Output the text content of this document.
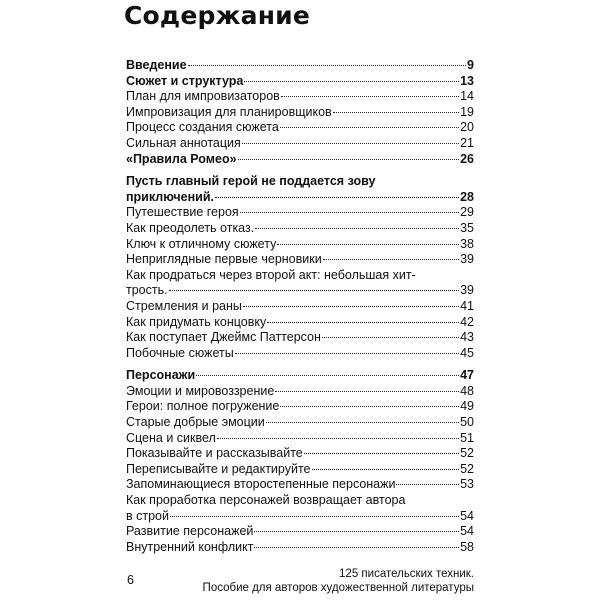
Содержание
Введение	9
Сюжет и структура	13
План для импровизаторов	14
Импровизация для планировщиков	19
Процесс создания сюжета	20
Сильная аннотация	21
«Правила Ромео»	26
Пусть главный герой не поддается зову
приключений.	28
Путешествие героя	29
Как преодолеть отказ.	35
Ключ к отличному сюжету	38
Неприглядные первые черновики	39
Как продраться через второй акт: небольшая хит-
трость.	39
Стремления и раны	41
Как придумать концовку	42
Как поступает Джеймс Паттерсон	43
Побочные сюжеты	45
Персонажи	47
Эмоции и мировоззрение	48
Герои: полное погружение	49
Старые добрые эмоции	50
Сцена и сиквел	51
Показывайте и рассказывайте	52
Переписывайте и редактируйте	52
Запоминающиеся второстепенные персонажи	53
Как проработка персонажей возвращает автора
в строй	54
Развитие персонажей	54
Внутренний конфликт	58
6	125 писательских техник.
Пособие для авторов художественной литературы
